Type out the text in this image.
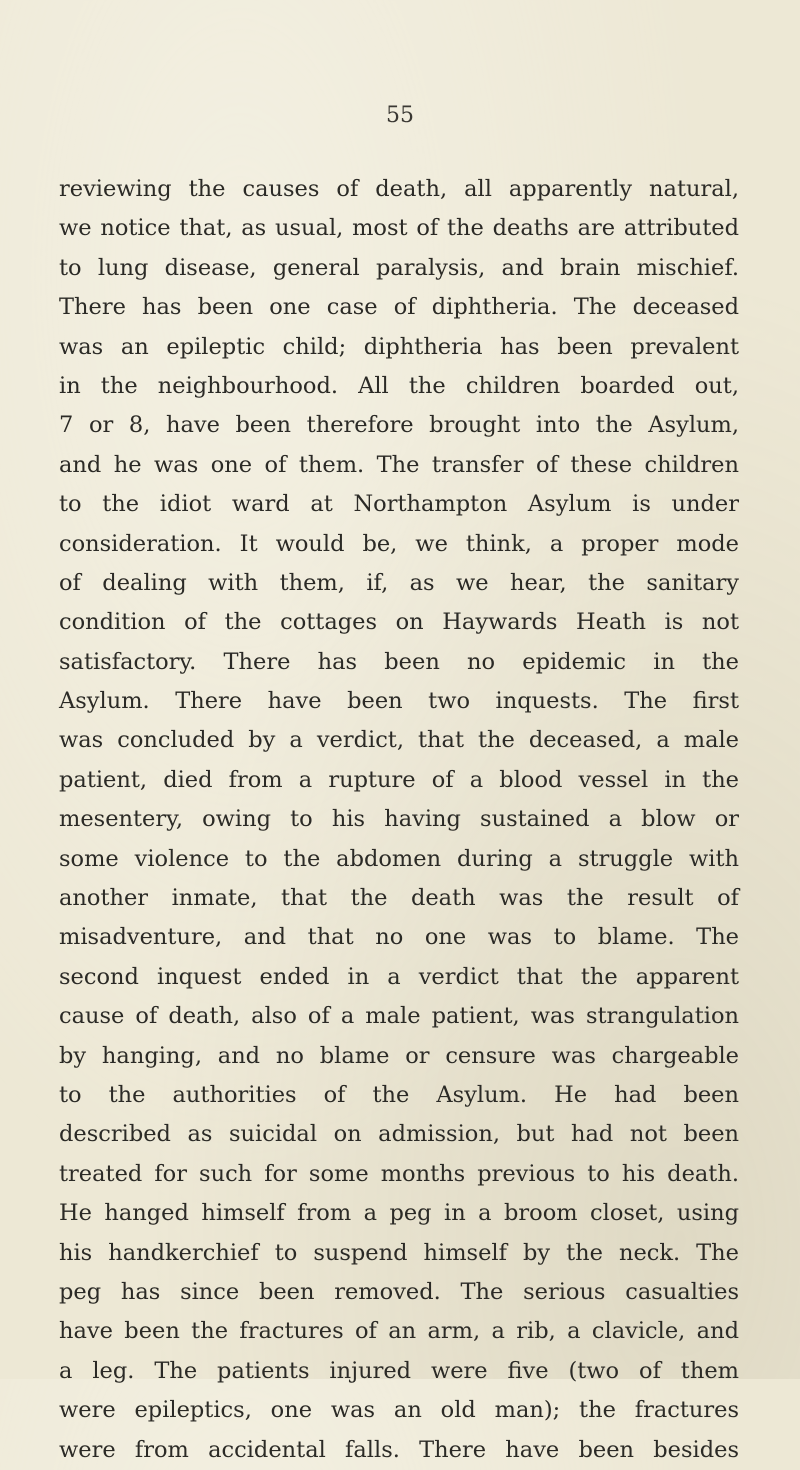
55
reviewing the causes of death, all apparently natural,
we notice that, as usual, most of the deaths are attributed
to lung disease, general paralysis, and brain mischief.
There has been one case of diphtheria. The deceased
was an epileptic child; diphtheria has been prevalent
in the neighbourhood. All the children boarded out,
7 or 8, have been therefore brought into the Asylum,
and he was one of them. The transfer of these children
to the idiot ward at Northampton Asylum is under
consideration. It would be, we think, a proper mode
of dealing with them, if, as we hear, the sanitary
condition of the cottages on Haywards Heath is not
satisfactory. There has been no epidemic in the
Asylum. There have been two inquests. The first
was concluded by a verdict, that the deceased, a male
patient, died from a rupture of a blood vessel in the
mesentery, owing to his having sustained a blow or
some violence to the abdomen during a struggle with
another inmate, that the death was the result of
misadventure, and that no one was to blame. The
second inquest ended in a verdict that the apparent
cause of death, also of a male patient, was strangulation
by hanging, and no blame or censure was chargeable
to the authorities of the Asylum. He had been
described as suicidal on admission, but had not been
treated for such for some months previous to his death.
He hanged himself from a peg in a broom closet, using
his handkerchief to suspend himself by the neck. The
peg has since been removed. The serious casualties
have been the fractures of an arm, a rib, a clavicle, and
a leg. The patients injured were five (two of them
were epileptics, one was an old man); the fractures
were from accidental falls. There have been besides
